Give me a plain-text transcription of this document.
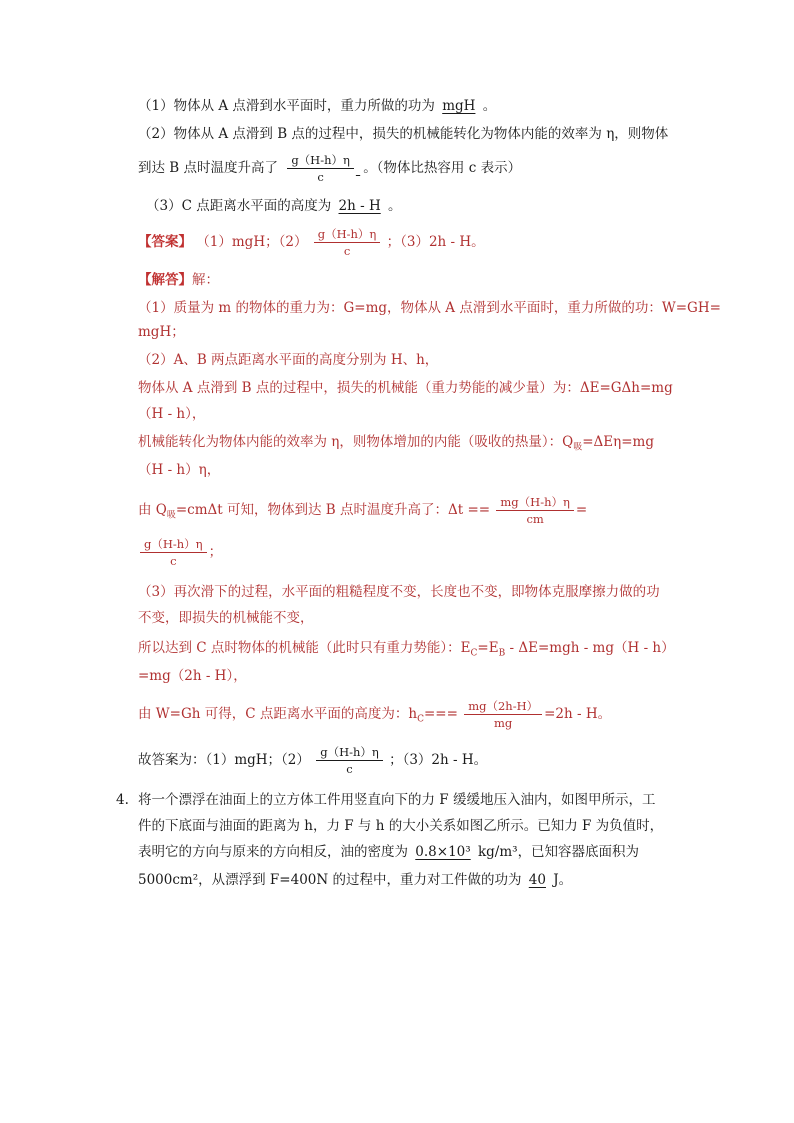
（1）物体从 A 点滑到水平面时，重力所做的功为 mgH 。
（2）物体从 A 点滑到 B 点的过程中，损失的机械能转化为物体内能的效率为 η，则物体
到达 B 点时温度升高了 $\frac{g(H-h)\eta}{c}$ 。（物体比热容用 c 表示）
（3）C 点距离水平面的高度为 2h - H 。
【答案】 （1）mgH；$(2) \frac{g(H-h)\eta}{c}$ ；（3）2h - H。
【解答】解：
（1）质量为 m 的物体的重力为：G=mg，物体从 A 点滑到水平面时，重力所做的功：W=GH=
mgH；
（2）A、B 两点距离水平面的高度分别为 H、h，
物体从 A 点滑到 B 点的过程中，损失的机械能（重力势能的减少量）为：ΔE=GΔh=mg
（H - h），
机械能转化为物体内能的效率为 η，则物体增加的内能（吸收的热量）：$Q_吸=\Delta E\eta=mg$
（H - h）η，
由 $Q_吸=cm\Delta t$ 可知，物体到达 B 点时温度升高了：$\Delta t == \frac{mg(H-h)\eta}{cm}$ =
$\frac{g(H-h)\eta}{c}$ ；
（3）再次滑下的过程，水平面的粗糙程度不变，长度也不变，即物体克服摩擦力做的功
不变，即损失的机械能不变，
所以达到 C 点时物体的机械能（此时只有重力势能）：$E_C=E_B - \Delta E=mgh - mg(H - h)$
=mg（2h - H），
由 W=Gh 可得，C 点距离水平面的高度为：$h_C=== \frac{mg(2h-H)}{mg} =2h - H$。
故答案为：（1）mgH；$(2) \frac{g(H-h)\eta}{c}$ ；（3）2h - H。
4. 将一个漂浮在油面上的立方体工件用竖直向下的力 F 缓缓地压入油内，如图甲所示，工
件的下底面与油面的距离为 h，力 F 与 h 的大小关系如图乙所示。已知力 F 为负值时，
表明它的方向与原来的方向相反，油的密度为 0.8×10³ kg/m³，已知容器底面积为
5000cm²，从漂浮到 F=400N 的过程中，重力对工件做的功为 40 J。
